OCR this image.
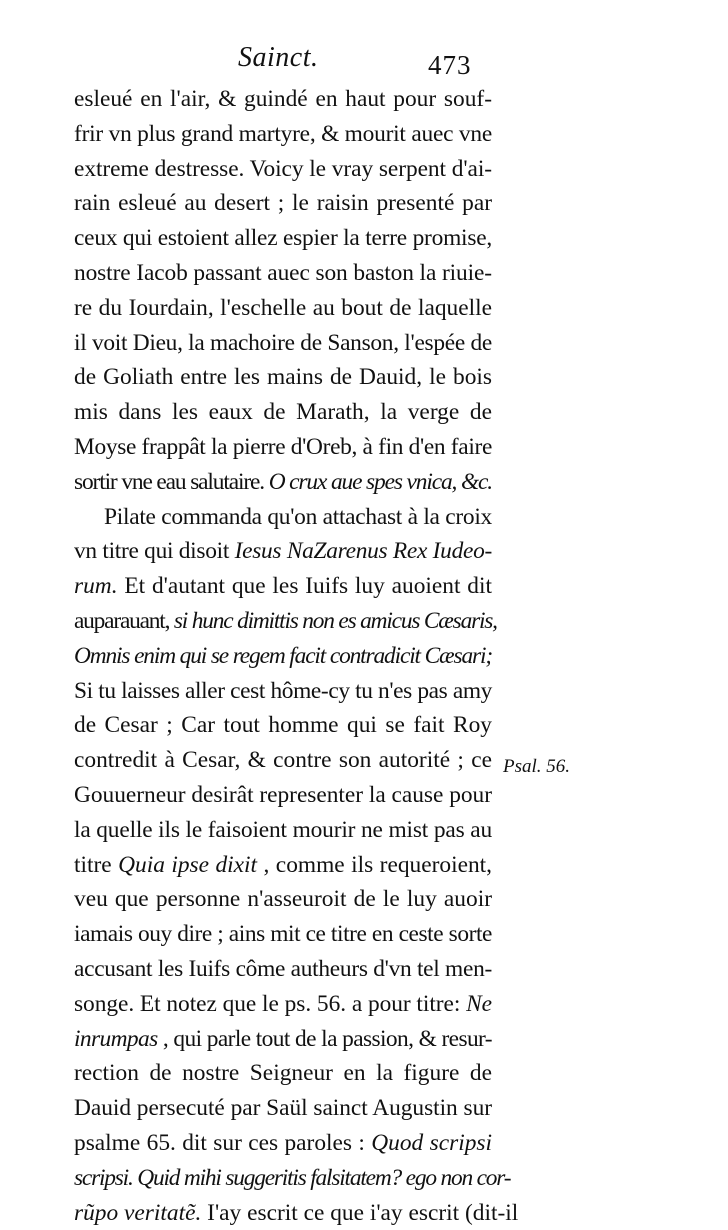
Sainct.	473
esleué en l'air, & guindé en haut pour souf-
frir vn plus grand martyre, & mourit auec vne
extreme destresse. Voicy le vray serpent d'ai-
rain esleué au desert ; le raisin presenté par
ceux qui estoient allez espier la terre promise,
nostre Iacob passant auec son baston la riuie-
re du Iourdain, l'eschelle au bout de laquelle
il voit Dieu, la machoire de Sanson, l'espée de
de Goliath entre les mains de Dauid, le bois
mis dans les eaux de Marath, la verge de
Moyse frappât la pierre d'Oreb, à fin d'en faire
sortir vne eau salutaire. O crux aue spes vnica, &c.
Pilate commanda qu'on attachast à la croix
vn titre qui disoit Iesus NaZarenus Rex Iudeo-
rum. Et d'autant que les Iuifs luy auoient dit
auparauant, si hunc dimittis non es amicus Cæsaris,
Omnis enim qui se regem facit contradicit Cæsari;
Si tu laisses aller cest hôme-cy tu n'es pas amy
de Cesar ; Car tout homme qui se fait Roy
contredit à Cesar, & contre son autorité ; ce
Gouuerneur desirât representer la cause pour
la quelle ils le faisoient mourir ne mist pas au
titre Quia ipse dixit , comme ils requeroient,
veu que personne n'asseuroit de le luy auoir
iamais ouy dire ; ains mit ce titre en ceste sorte
accusant les Iuifs côme autheurs d'vn tel men-
songe. Et notez que le ps. 56. a pour titre: Ne
inrumpas , qui parle tout de la passion, & resur-
rection de nostre Seigneur en la figure de
Dauid persecuté par Saül sainct Augustin sur
psalme 65. dit sur ces paroles : Quod scripsi
scripsi. Quid mihi suggeritis falsitatem? ego non cor-
rũpo veritatẽ. I'ay escrit ce que i'ay escrit (dit-il
Psal. 56.
